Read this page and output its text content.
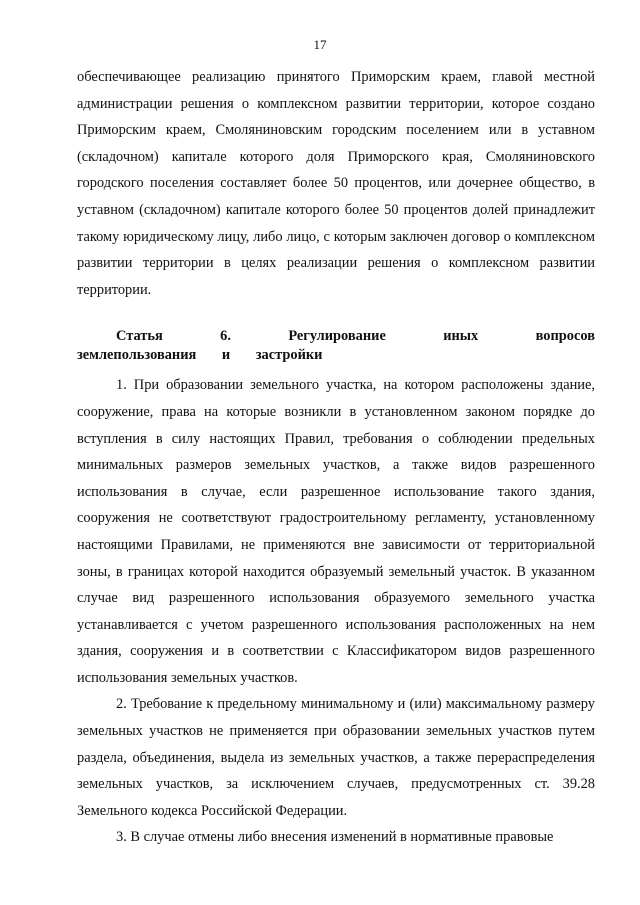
17

обеспечивающее реализацию принятого Приморским краем, главой местной администрации решения о комплексном развитии территории, которое создано Приморским краем, Смоляниновским городским поселением или в уставном (складочном) капитале которого доля Приморского края, Смоляниновского городского поселения составляет более 50 процентов, или дочернее общество, в уставном (складочном) капитале которого более 50 процентов долей принадлежит такому юридическому лицу, либо лицо, с которым заключен договор о комплексном развитии территории в целях реализации решения о комплексном развитии территории.

Статья 6. Регулирование иных вопросов землепользования и застройки

1. При образовании земельного участка, на котором расположены здание, сооружение, права на которые возникли в установленном законом порядке до вступления в силу настоящих Правил, требования о соблюдении предельных минимальных размеров земельных участков, а также видов разрешенного использования в случае, если разрешенное использование такого здания, сооружения не соответствуют градостроительному регламенту, установленному настоящими Правилами, не применяются вне зависимости от территориальной зоны, в границах которой находится образуемый земельный участок. В указанном случае вид разрешенного использования образуемого земельного участка устанавливается с учетом разрешенного использования расположенных на нем здания, сооружения и в соответствии с Классификатором видов разрешенного использования земельных участков.

2. Требование к предельному минимальному и (или) максимальному размеру земельных участков не применяется при образовании земельных участков путем раздела, объединения, выдела из земельных участков, а также перераспределения земельных участков, за исключением случаев, предусмотренных ст. 39.28 Земельного кодекса Российской Федерации.

3. В случае отмены либо внесения изменений в нормативные правовые
